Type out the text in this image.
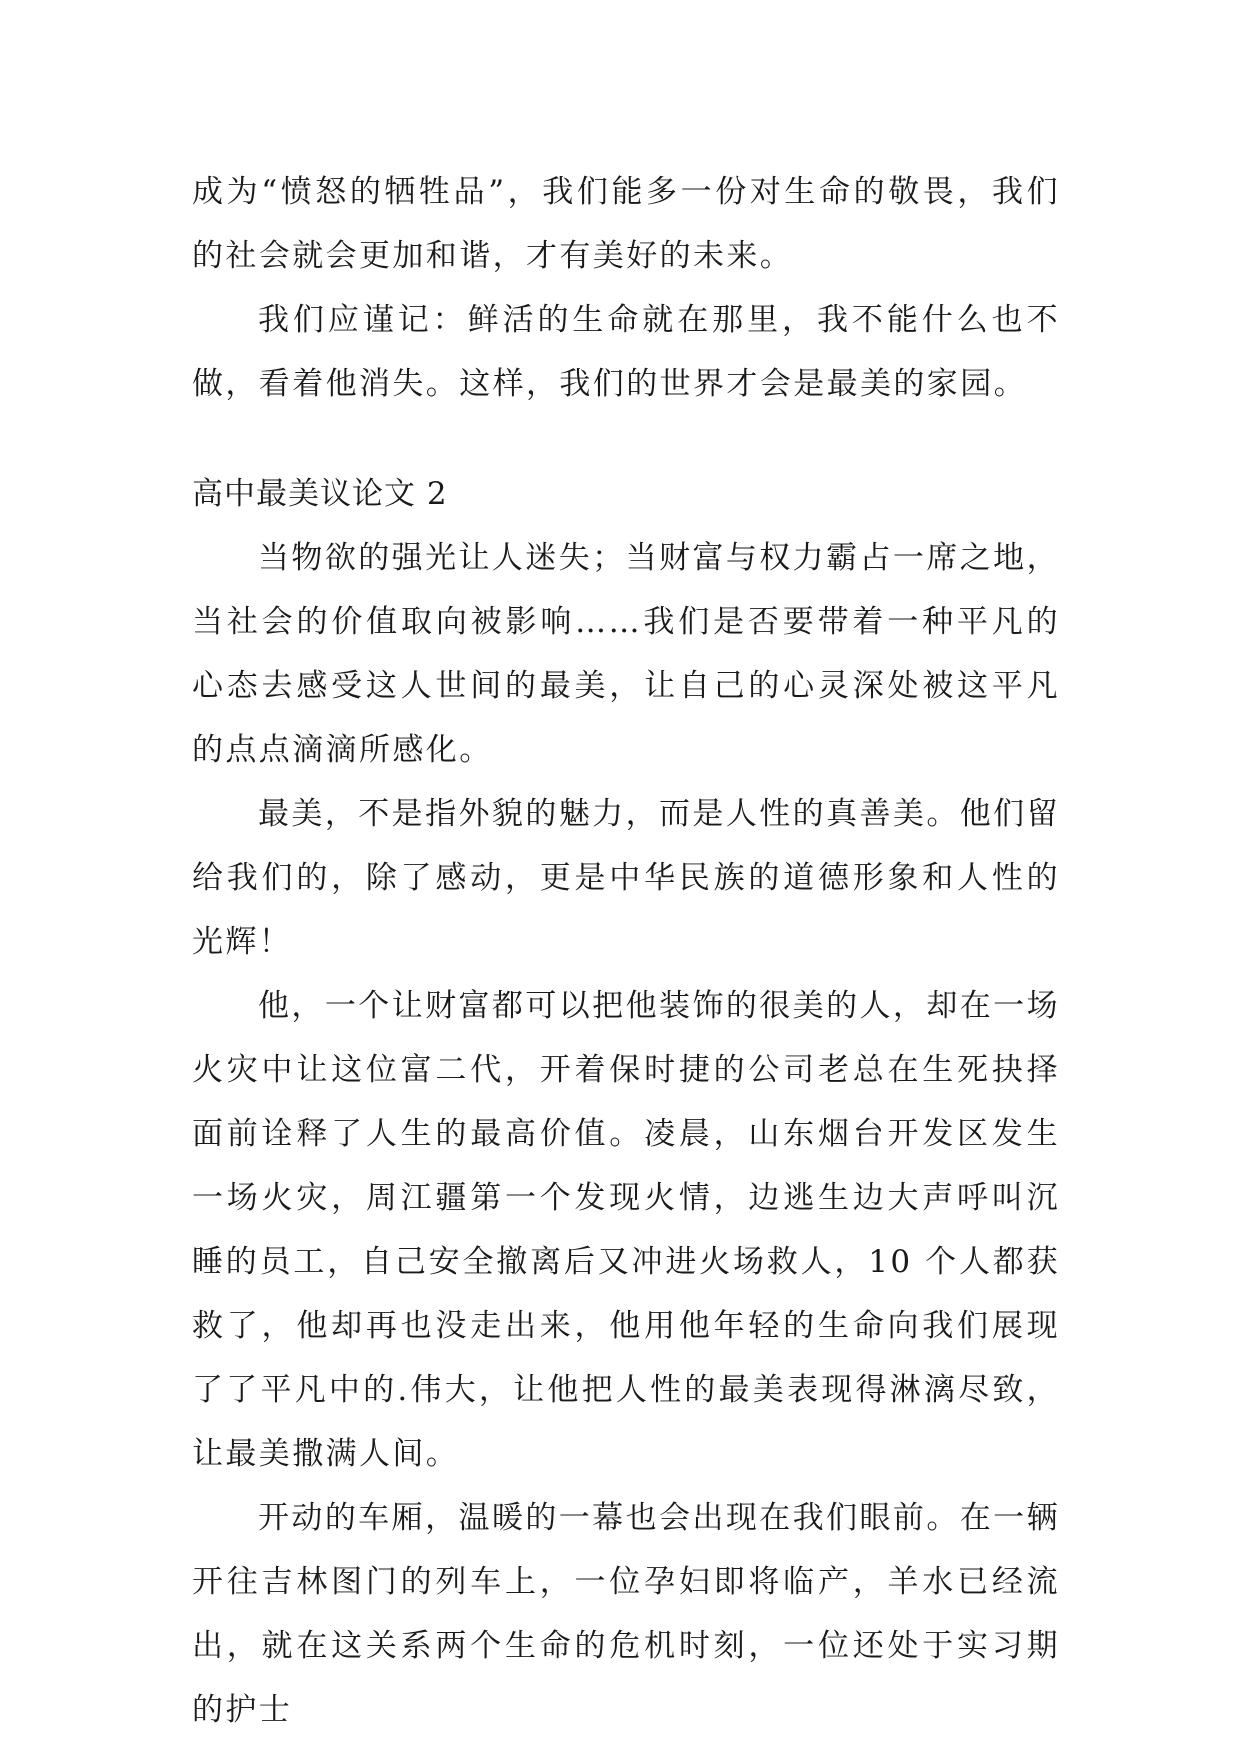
成为“愤怒的牺牲品”，我们能多一份对生命的敬畏，我们的社会就会更加和谐，才有美好的未来。

我们应谨记：鲜活的生命就在那里，我不能什么也不做，看着他消失。这样，我们的世界才会是最美的家园。

高中最美议论文 2

当物欲的强光让人迷失；当财富与权力霸占一席之地，当社会的价值取向被影响……我们是否要带着一种平凡的心态去感受这人世间的最美，让自己的心灵深处被这平凡的点点滴滴所感化。

最美，不是指外貌的魅力，而是人性的真善美。他们留给我们的，除了感动，更是中华民族的道德形象和人性的光辉！

他，一个让财富都可以把他装饰的很美的人，却在一场火灾中让这位富二代，开着保时捷的公司老总在生死抉择面前诠释了人生的最高价值。凌晨，山东烟台开发区发生一场火灾，周江疆第一个发现火情，边逃生边大声呼叫沉睡的员工，自己安全撤离后又冲进火场救人，10 个人都获救了，他却再也没走出来，他用他年轻的生命向我们展现了了平凡中的.伟大，让他把人性的最美表现得淋漓尽致，让最美撒满人间。

开动的车厢，温暖的一幕也会出现在我们眼前。在一辆开往吉林图门的列车上，一位孕妇即将临产，羊水已经流出，就在这关系两个生命的危机时刻，一位还处于实习期的护士
